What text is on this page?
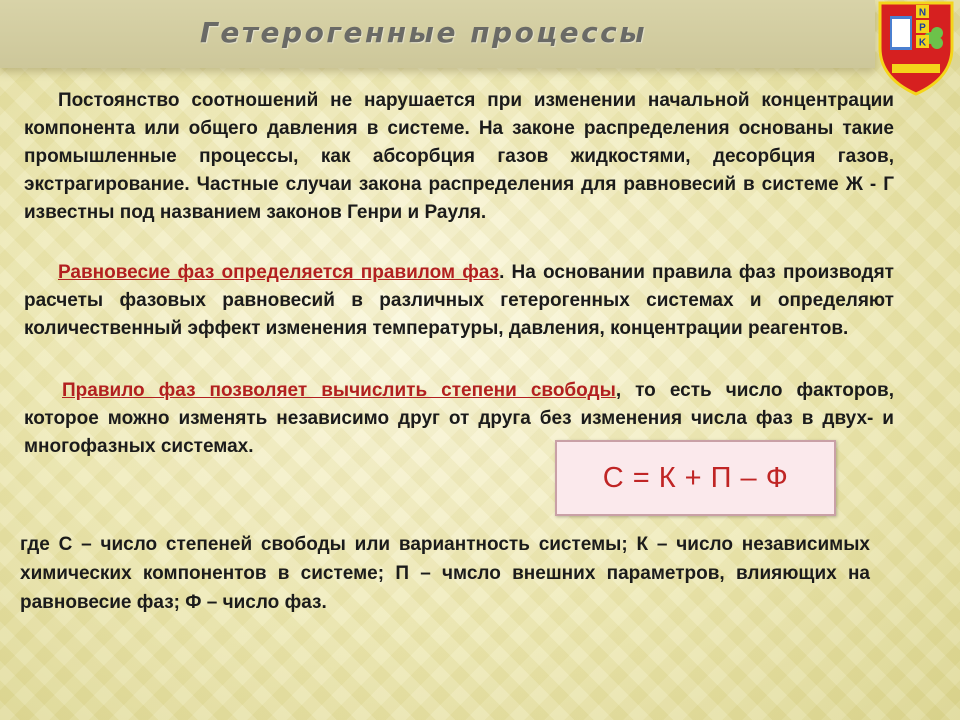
Гетерогенные процессы
N
P
K

Постоянство соотношений не нарушается при изменении начальной концентрации компонента или общего давления в системе. На законе распределения основаны такие промышленные процессы, как абсорбция газов жидкостями, десорбция газов, экстрагирование. Частные случаи закона распределения для равновесий в системе Ж - Г известны под названием законов Генри и Рауля.

Равновесие фаз определяется правилом фаз. На основании правила фаз производят расчеты фазовых равновесий в различных гетерогенных системах и определяют количественный эффект изменения температуры, давления, концентрации реагентов.

Правило фаз позволяет вычислить степени свободы, то есть число факторов, которое можно изменять независимо друг от друга без изменения числа фаз в двух- и многофазных системах.

С = К + П – Ф

где С – число степеней свободы или вариантность системы; К – число независимых химических компонентов в системе; П – чмсло внешних параметров, влияющих на равновесие фаз; Ф – число фаз.
